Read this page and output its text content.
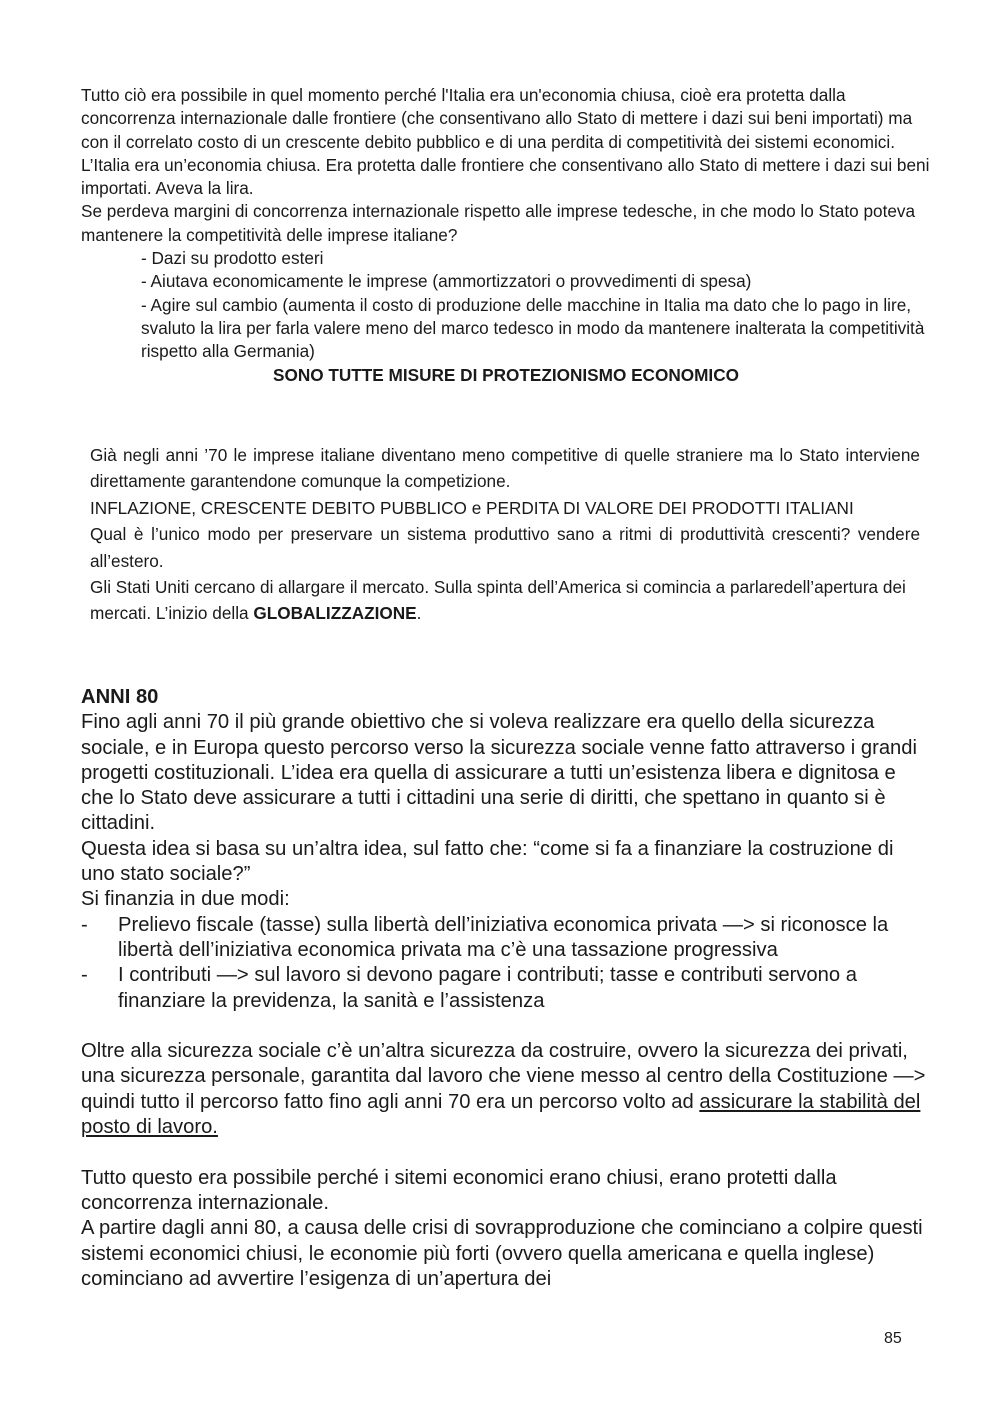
Tutto ciò era possibile in quel momento perché l'Italia era un'economia chiusa, cioè era protetta dalla concorrenza internazionale dalle frontiere (che consentivano allo Stato di mettere i dazi sui beni importati) ma con il correlato costo di un crescente debito pubblico e di una perdita di competitività dei sistemi economici.

L’Italia era un’economia chiusa. Era protetta dalle frontiere che consentivano allo Stato di mettere i dazi sui beni importati. Aveva la lira.

Se perdeva margini di concorrenza internazionale rispetto alle imprese tedesche, in che modo lo Stato poteva mantenere la competitività delle imprese italiane?

- Dazi su prodotto esteri

- Aiutava economicamente le imprese (ammortizzatori o provvedimenti di spesa)

- Agire sul cambio (aumenta il costo di produzione delle macchine in Italia ma dato che lo pago in lire, svaluto la lira per farla valere meno del marco tedesco in modo da mantenere inalterata la competitività rispetto alla Germania)

SONO TUTTE MISURE DI PROTEZIONISMO ECONOMICO

Già negli anni ’70 le imprese italiane diventano meno competitive di quelle straniere ma lo Stato interviene direttamente garantendone comunque la competizione.

INFLAZIONE, CRESCENTE DEBITO PUBBLICO e PERDITA DI VALORE DEI PRODOTTI ITALIANI

Qual è l’unico modo per preservare un sistema produttivo sano a ritmi di produttività crescenti? vendere all’estero.

Gli Stati Uniti cercano di allargare il mercato. Sulla spinta dell’America si comincia a parlaredell’apertura dei mercati. L’inizio della GLOBALIZZAZIONE.

ANNI 80

Fino agli anni 70 il più grande obiettivo che si voleva realizzare era quello della sicurezza sociale, e in Europa questo percorso verso la sicurezza sociale venne fatto attraverso i grandi progetti costituzionali. L’idea era quella di assicurare a tutti un’esistenza libera e dignitosa e che lo Stato deve assicurare a tutti i cittadini una serie di diritti, che spettano in quanto si è cittadini.

Questa idea si basa su un’altra idea, sul fatto che: “come si fa a finanziare la costruzione di uno stato sociale?”

Si finanzia in due modi:

-	Prelievo fiscale (tasse) sulla libertà dell’iniziativa economica privata —> si riconosce la libertà dell’iniziativa economica privata ma c’è una tassazione progressiva
-	I contributi —> sul lavoro si devono pagare i contributi; tasse e contributi servono a finanziare la previdenza, la sanità e l’assistenza

Oltre alla sicurezza sociale c’è un’altra sicurezza da costruire, ovvero la sicurezza dei privati, una sicurezza personale, garantita dal lavoro che viene messo al centro della Costituzione —> quindi tutto il percorso fatto fino agli anni 70 era un percorso volto ad assicurare la stabilità del posto di lavoro.

Tutto questo era possibile perché i sitemi economici erano chiusi, erano protetti dalla concorrenza internazionale.

A partire dagli anni 80, a causa delle crisi di sovrapproduzione che cominciano a colpire questi sistemi economici chiusi, le economie più forti (ovvero quella americana e quella inglese) cominciano ad avvertire l’esigenza di un’apertura dei

85
